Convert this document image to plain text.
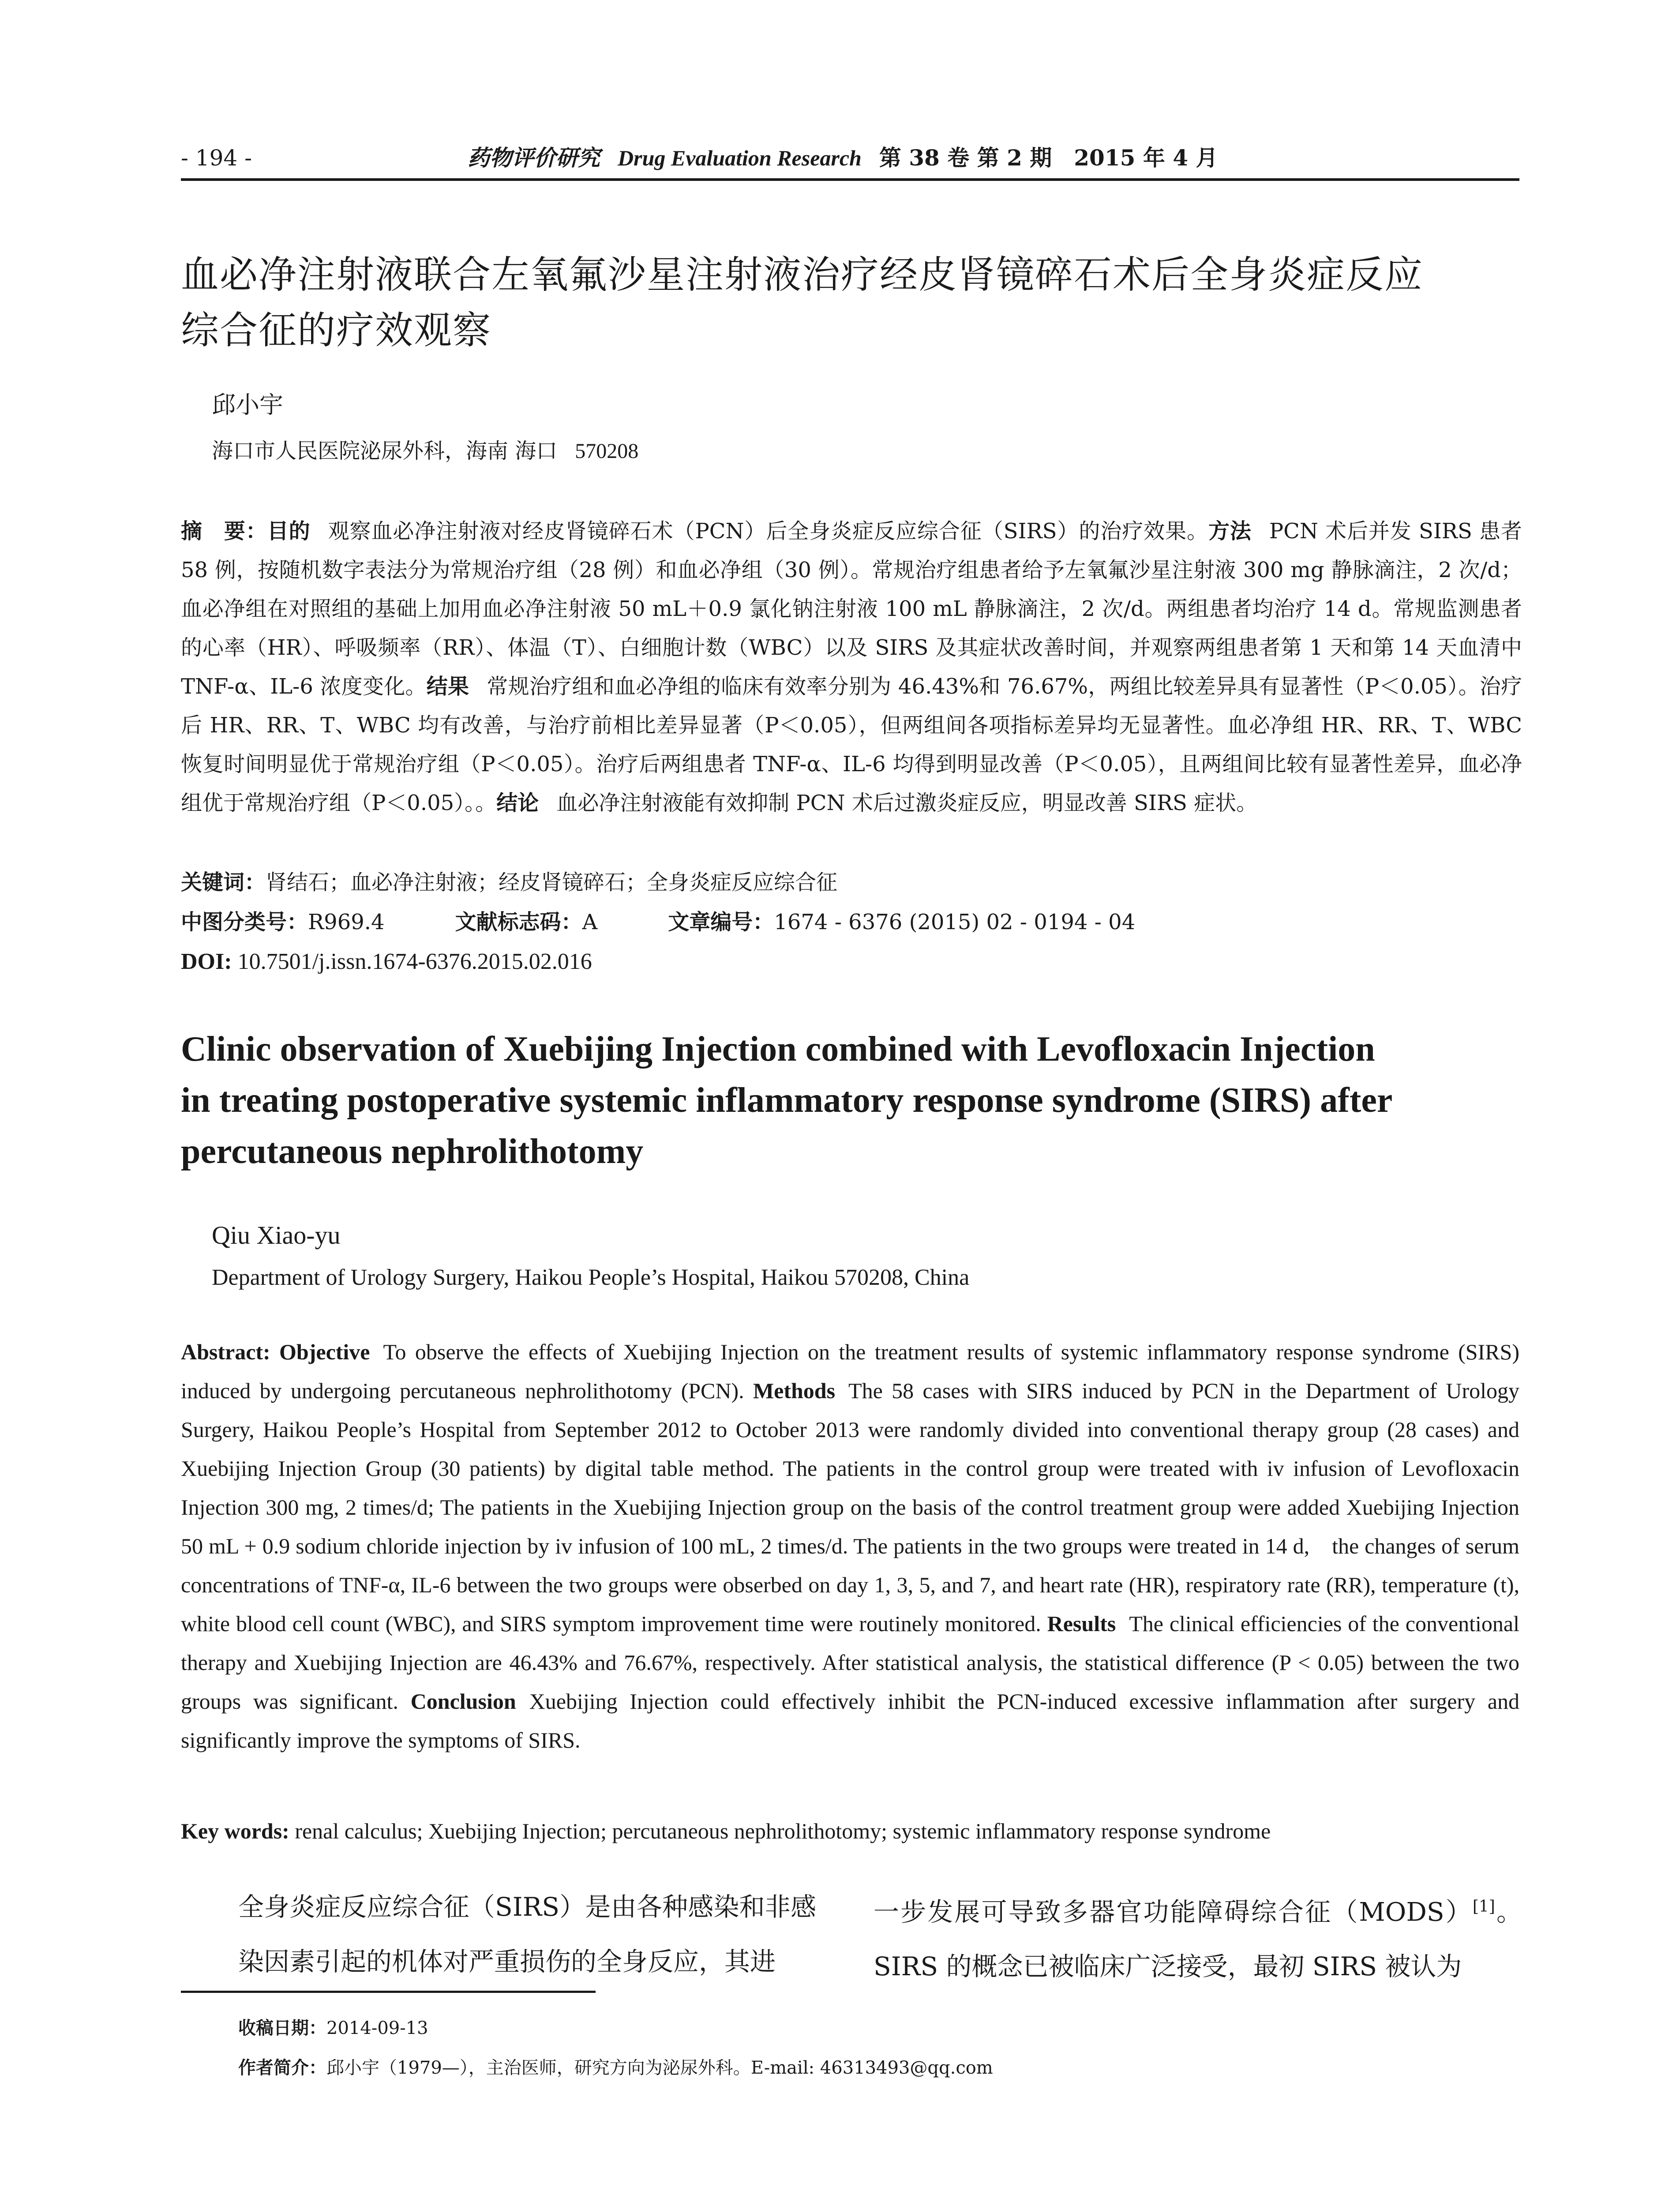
- 194 -	药物评价研究 Drug Evaluation Research 第 38 卷 第 2 期　2015 年 4 月
血必净注射液联合左氧氟沙星注射液治疗经皮肾镜碎石术后全身炎症反应
综合征的疗效观察
邱小宇
海口市人民医院泌尿外科，海南 海口 570208
摘　要：目的 观察血必净注射液对经皮肾镜碎石术（PCN）后全身炎症反应综合征（SIRS）的治疗效果。方法 PCN 术后并发 SIRS 患者 58 例，按随机数字表法分为常规治疗组（28 例）和血必净组（30 例）。常规治疗组患者给予左氧氟沙星注射液 300 mg 静脉滴注，2 次/d；血必净组在对照组的基础上加用血必净注射液 50 mL＋0.9 氯化钠注射液 100 mL 静脉滴注，2 次/d。两组患者均治疗 14 d。常规监测患者的心率（HR）、呼吸频率（RR）、体温（T）、白细胞计数（WBC）以及 SIRS 及其症状改善时间，并观察两组患者第 1 天和第 14 天血清中 TNF-α、IL-6 浓度变化。结果 常规治疗组和血必净组的临床有效率分别为 46.43%和 76.67%，两组比较差异具有显著性（P＜0.05）。治疗后 HR、RR、T、WBC 均有改善，与治疗前相比差异显著（P＜0.05），但两组间各项指标差异均无显著性。血必净组 HR、RR、T、WBC 恢复时间明显优于常规治疗组（P＜0.05）。治疗后两组患者 TNF-α、IL-6 均得到明显改善（P＜0.05），且两组间比较有显著性差异，血必净组优于常规治疗组（P＜0.05）。。结论 血必净注射液能有效抑制 PCN 术后过激炎症反应，明显改善 SIRS 症状。
关键词：肾结石；血必净注射液；经皮肾镜碎石；全身炎症反应综合征
中图分类号：R969.4	文献标志码：A	文章编号：1674 - 6376 (2015) 02 - 0194 - 04
DOI: 10.7501/j.issn.1674-6376.2015.02.016
Clinic observation of Xuebijing Injection combined with Levofloxacin Injection
in treating postoperative systemic inflammatory response syndrome (SIRS) after
percutaneous nephrolithotomy
Qiu Xiao-yu
Department of Urology Surgery, Haikou People’s Hospital, Haikou 570208, China
Abstract: Objective To observe the effects of Xuebijing Injection on the treatment results of systemic inflammatory response syndrome (SIRS) induced by undergoing percutaneous nephrolithotomy (PCN). Methods The 58 cases with SIRS induced by PCN in the Department of Urology Surgery, Haikou People’s Hospital from September 2012 to October 2013 were randomly divided into conventional therapy group (28 cases) and Xuebijing Injection Group (30 patients) by digital table method. The patients in the control group were treated with iv infusion of Levofloxacin Injection 300 mg, 2 times/d; The patients in the Xuebijing Injection group on the basis of the control treatment group were added Xuebijing Injection 50 mL + 0.9 sodium chloride injection by iv infusion of 100 mL, 2 times/d. The patients in the two groups were treated in 14 d,　the changes of serum concentrations of TNF-α, IL-6 between the two groups were obserbed on day 1, 3, 5, and 7, and heart rate (HR), respiratory rate (RR), temperature (t), white blood cell count (WBC), and SIRS symptom improvement time were routinely monitored. Results The clinical efficiencies of the conventional therapy and Xuebijing Injection are 46.43% and 76.67%, respectively. After statistical analysis, the statistical difference (P < 0.05) between the two groups was significant. Conclusion Xuebijing Injection could effectively inhibit the PCN-induced excessive inflammation after surgery and significantly improve the symptoms of SIRS.
Key words: renal calculus; Xuebijing Injection; percutaneous nephrolithotomy; systemic inflammatory response syndrome
全身炎症反应综合征（SIRS）是由各种感染和非感染因素引起的机体对严重损伤的全身反应，其进
一步发展可导致多器官功能障碍综合征（MODS）[1]。SIRS 的概念已被临床广泛接受，最初 SIRS 被认为
收稿日期：2014-09-13
作者简介：邱小宇（1979—），主治医师，研究方向为泌尿外科。E-mail: 46313493@qq.com
